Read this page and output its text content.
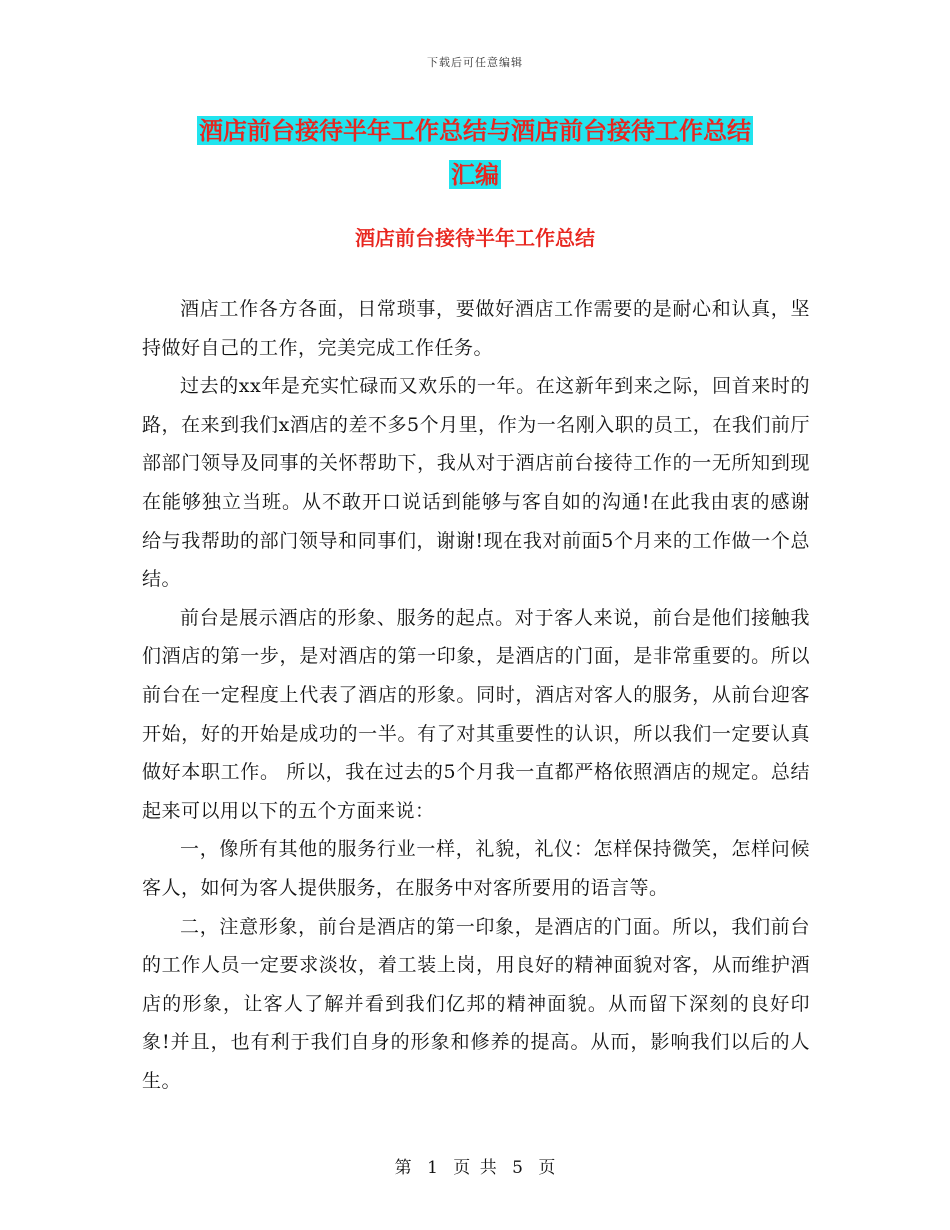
下载后可任意编辑
酒店前台接待半年工作总结与酒店前台接待工作总结
汇编
酒店前台接待半年工作总结

酒店工作各方各面，日常琐事，要做好酒店工作需要的是耐心和认真，坚持做好自己的工作，完美完成工作任务。

过去的xx年是充实忙碌而又欢乐的一年。在这新年到来之际，回首来时的路，在来到我们x酒店的差不多5个月里，作为一名刚入职的员工，在我们前厅部部门领导及同事的关怀帮助下，我从对于酒店前台接待工作的一无所知到现在能够独立当班。从不敢开口说话到能够与客自如的沟通!在此我由衷的感谢给与我帮助的部门领导和同事们，谢谢!现在我对前面5个月来的工作做一个总结。

前台是展示酒店的形象、服务的起点。对于客人来说，前台是他们接触我们酒店的第一步，是对酒店的第一印象，是酒店的门面，是非常重要的。所以前台在一定程度上代表了酒店的形象。同时，酒店对客人的服务，从前台迎客开始，好的开始是成功的一半。有了对其重要性的认识，所以我们一定要认真做好本职工作。 所以，我在过去的5个月我一直都严格依照酒店的规定。总结起来可以用以下的五个方面来说：

一，像所有其他的服务行业一样，礼貌，礼仪：怎样保持微笑，怎样问候客人，如何为客人提供服务，在服务中对客所要用的语言等。

二，注意形象，前台是酒店的第一印象，是酒店的门面。所以，我们前台的工作人员一定要求淡妆，着工装上岗，用良好的精神面貌对客，从而维护酒店的形象，让客人了解并看到我们亿邦的精神面貌。从而留下深刻的良好印象!并且，也有利于我们自身的形象和修养的提高。从而，影响我们以后的人生。

第 1 页 共 5 页
